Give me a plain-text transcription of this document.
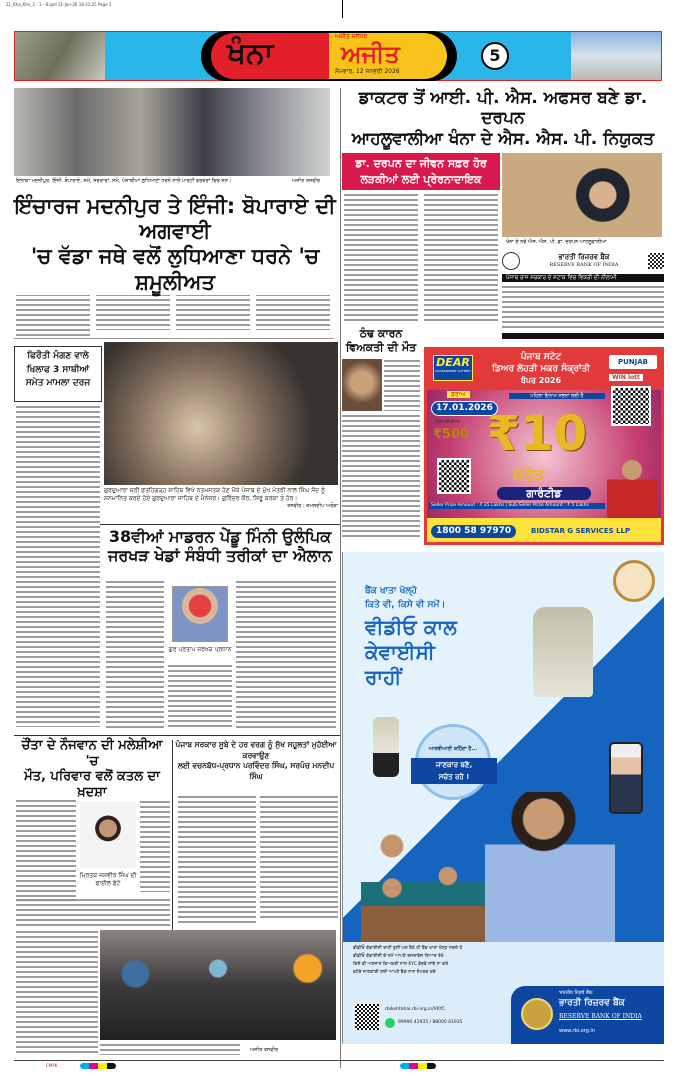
11_Kha_Khn_3 - 1 - 8.qxd 11-Jan-26 18:31:25 Page 1
ਖੰਨਾ	ਅਜੀਤ ਜਲੰਧਰ
ਅਜੀਤ
ਸੋਮਵਾਰ, 12 ਜਨਵਰੀ 2026
5
ਇਲਾਕਾ ਮਦਨੀਪੁਰ, ਇੰਜੀ. ਬੋਪਾਰਾਏ, ਸਮੇਂ, ਸਰਕਾਰਾਂ, ਸਮੇਂ, ਪੰਜਾਬੀਆਂ ਲੁਧਿਆਣਾ ਧਰਨੇ ਨਾਲੋਂ ਪਾਰਟੀ ਵਰਕਰਾਂ ਵਿਚ ਸਨ।	ਅਜੀਤ ਤਸਵੀਰ
ਇੰਚਾਰਜ ਮਦਨੀਪੁਰ ਤੇ ਇੰਜੀ: ਬੋਪਾਰਾਏ ਦੀ ਅਗਵਾਈ
'ਚ ਵੱਡਾ ਜਥੇ ਵਲੋਂ ਲੁਧਿਆਣਾ ਧਰਨੇ 'ਚ ਸ਼ਮੂਲੀਅਤ
ਫਿਰੌਤੀ ਮੰਗਣ ਵਾਲੇ ਖਿਲਾਫ 3 ਸਾਥੀਆਂ ਸਮੇਤ ਮਾਮਲਾ ਦਰਜ
ਗੁਰਦੁਆਰਾ ਸ੍ਰੀ ਫਤਹਿਗੜ੍ਹ ਸਾਹਿਬ ਵਿਖੇ ਨਤਮਸਤਕ ਹੋਣ ਮੌਕੇ ਪੰਜਾਬ ਦੇ ਮੁੱਖ ਮੰਤਰੀ ਨਾਲ ਸਿੰਘ ਸੋਂਦ ਨੂੰ ਸਨਮਾਨਿਤ ਕਰਦੇ ਹੋਏ ਗੁਰਦੁਆਰਾ ਸਾਹਿਬ ਦੇ ਮੈਨੇਜਰ। ਗੁਰਿੰਦਰ ਕੌਰ, ਸਿਰੂ ਕਰਕਾ ਤੇ ਹੋਰ।
ਤਸਵੀਰ : ਕਮਲਦੀਪ ਅਰੋੜਾ
38ਵੀਆਂ ਮਾਡਰਨ ਪੇਂਡੂ ਮਿੰਨੀ ਉਲੰਪਿਕ
ਜਰਖੜ ਖੇਡਾਂ ਸੰਬੰਧੀ ਤਰੀਕਾਂ ਦਾ ਐਲਾਨ
ਗੁਰ ਪ੍ਰਤਾਪ ਜਰਖੜ ਪ੍ਰਧਾਨ
ਡਾਕਟਰ ਤੋਂ ਆਈ. ਪੀ. ਐਸ. ਅਫਸਰ ਬਣੇ ਡਾ. ਦਰਪਨ
ਆਹਲੂਵਾਲੀਆ ਖੰਨਾ ਦੇ ਐਸ. ਐਸ. ਪੀ. ਨਿਯੁਕਤ
ਡਾ. ਦਰਪਨ ਦਾ ਜੀਵਨ ਸਫ਼ਰ ਹੋਰ ਲੜਕੀਆਂ ਲਈ ਪ੍ਰੇਰਨਾਦਾਇਕ
ਠੰਢ ਕਾਰਨ
ਵਿਅਕਤੀ ਦੀ ਮੌਤ
ਖੰਨਾ ਦੇ ਨਵੇਂ ਐਸ. ਐਸ. ਪੀ. ਡਾ. ਦਰਪਨ ਆਹਲੂਵਾਲੀਆ
ਭਾਰਤੀ ਰਿਜ਼ਰਵ ਬੈਂਕ
RESERVE BANK OF INDIA
ਪੰਜਾਬ ਰਾਜ ਸਰਕਾਰ ਦੇ ਸਟਾਕ ਵਿਚ ਵਿਕਰੀ ਦੀ ਨੀਲਾਮੀ
DEAR
GOVERNMENT LOTTERY
ਪੰਜਾਬ ਸਟੇਟ
ਡਿਅਰ ਲੋਹੜੀ ਮਕਰ ਸੰਕ੍ਰਾਂਤੀ
ਬੰਪਰ 2026
PUNJAB
WIN lott
ਡਰਾਅ
17.01.2026
ਪਹਿਲਾ ਇਨਾਮ ਸਭਨਾਂ ਲਈ ਹੈ
ਟਿਕਟ ਦੀ ਕੀਮਤ
₹500 ₹10
ਕਰੋੜ
ਗਾਰੰਟੀਡ
Seller Prize Amount : ₹ 25 Lakhs | Sub-Seller Prize Amount : ₹ 5 Lakhs
1800 58 97970	BIDSTAR G SERVICES LLP
ਬੈਂਕ ਖਾਤਾ ਖੋਲ੍ਹੋ
ਕਿਤੇ ਵੀ, ਕਿਸੇ ਵੀ ਸਮੇਂ।
ਵੀਡੀਓ ਕਾਲ
ਕੇਵਾਈਸੀ
ਰਾਹੀਂ
ਆਰਬੀਆਈ ਕਹਿੰਦਾ ਹੈ...
ਜਾਣਕਾਰ ਬਣੋ,
ਸਚੇਤ ਰਹੋ !
ਵੀਡੀਓ ਕੇਵਾਈਸੀ ਰਾਹੀਂ ਤੁਸੀਂ ਘਰ ਬੈਠੇ ਹੀ ਬੈਂਕ ਖਾਤਾ ਖੋਲ੍ਹ ਸਕਦੇ ਹੋ
ਵੀਡੀਓ ਕੇਵਾਈਸੀ ਦੇ ਸਮੇਂ ਆਪਣੇ ਦਸਤਾਵੇਜ਼ ਤਿਆਰ ਰੱਖੋ
ਕਿਸੇ ਵੀ ਅਣਜਾਣ ਵਿਅਕਤੀ ਨਾਲ KYC ਵੇਰਵੇ ਸਾਂਝੇ ਨਾ ਕਰੋ
ਵਧੇਰੇ ਜਾਣਕਾਰੀ ਲਈ ਆਪਣੇ ਬੈਂਕ ਨਾਲ ਸੰਪਰਕ ਕਰੋ
rbikehtahai.rbi.org.in/VKYC
99990 41935 / 88000 41935
भारतीय रिज़र्व बैंक
ਭਾਰਤੀ ਰਿਜ਼ਰਵ ਬੈਂਕ
RESERVE BANK OF INDIA
www.rbi.org.in
ਚੌਂਤਾ ਦੇ ਨੌਜਵਾਨ ਦੀ ਮਲੇਸ਼ੀਆ 'ਚ
ਮੌਤ, ਪਰਿਵਾਰ ਵਲੋਂ ਕਤਲ ਦਾ ਖ਼ਦਸ਼ਾ
ਮ੍ਰਿਤਕ ਜਸਵੀਰ ਸਿੰਘ ਦੀ ਫਾਈਲ ਫੋਟੋ
ਪੰਜਾਬ ਸਰਕਾਰ ਸੂਬੇ ਦੇ ਹਰ ਵਰਗ ਨੂੰ ਸੁੱਖ ਸਹੂਲਤਾਂ ਮੁਹੱਈਆ ਕਰਵਾਉਣ
ਲਈ ਵਚਨਬੱਧ-ਪ੍ਰਧਾਨ ਪਰਵਿੰਦਰ ਸਿੰਘ, ਸਰਪੰਚ ਮਨਦੀਪ ਸਿੰਘ
ਅਜੀਤ ਤਸਵੀਰ
CMYK
